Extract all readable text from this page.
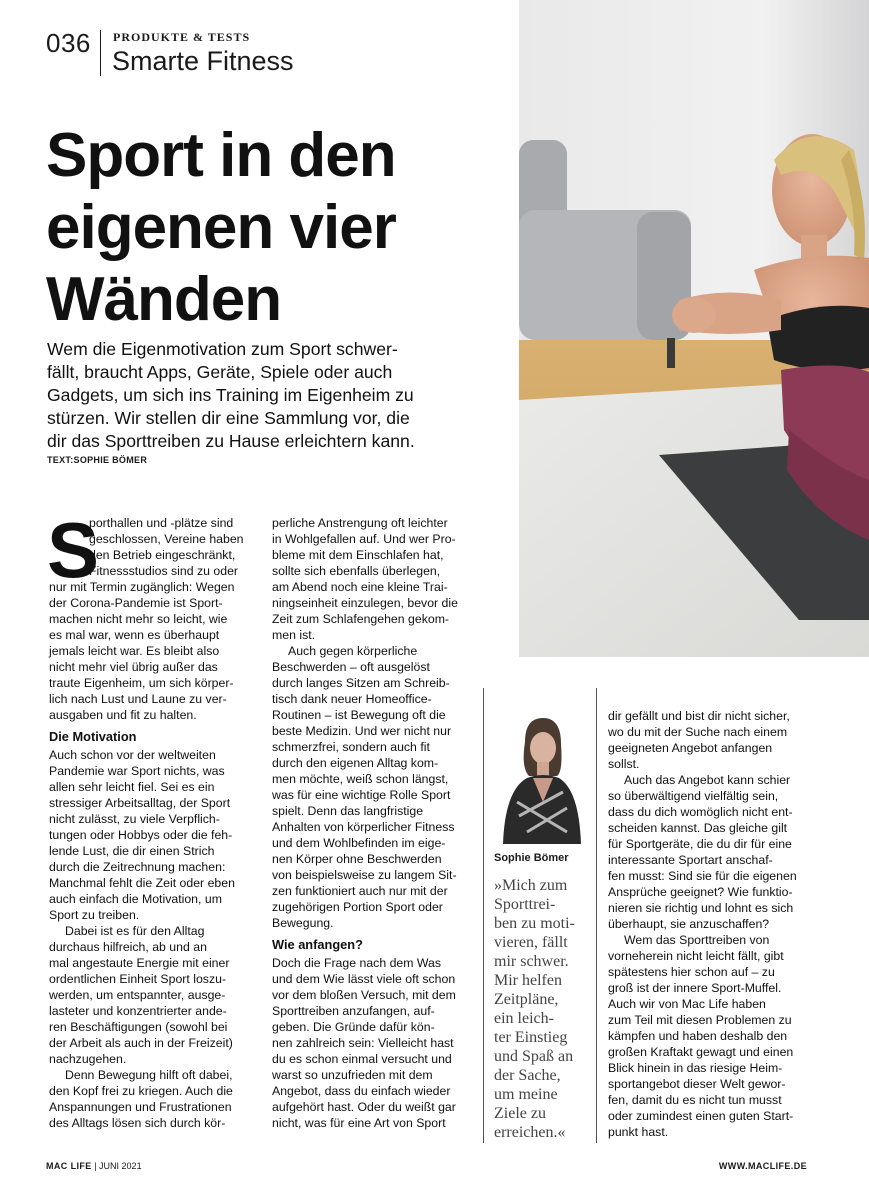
036 PRODUKTE & TESTS
Smarte Fitness
Sport in den
eigenen vier
Wänden

Wem die Eigenmotivation zum Sport schwer-
fällt, braucht Apps, Geräte, Spiele oder auch
Gadgets, um sich ins Training im Eigenheim zu
stürzen. Wir stellen dir eine Sammlung vor, die
dir das Sporttreiben zu Hause erleichtern kann.

TEXT:SOPHIE BÖMER
S
porthallen und -plätze sind
geschlossen, Vereine haben
den Betrieb eingeschränkt,
Fitnessstudios sind zu oder
nur mit Termin zugänglich: Wegen
der Corona-Pandemie ist Sport-
machen nicht mehr so leicht, wie
es mal war, wenn es überhaupt
jemals leicht war. Es bleibt also
nicht mehr viel übrig außer das
traute Eigenheim, um sich körper-
lich nach Lust und Laune zu ver-
ausgaben und fit zu halten.
Die Motivation
Auch schon vor der weltweiten
Pandemie war Sport nichts, was
allen sehr leicht fiel. Sei es ein
stressiger Arbeitsalltag, der Sport
nicht zulässt, zu viele Verpflich-
tungen oder Hobbys oder die feh-
lende Lust, die dir einen Strich
durch die Zeitrechnung machen:
Manchmal fehlt die Zeit oder eben
auch einfach die Motivation, um
Sport zu treiben.
Dabei ist es für den Alltag
durchaus hilfreich, ab und an
mal angestaute Energie mit einer
ordentlichen Einheit Sport loszu-
werden, um entspannter, ausge-
lasteter und konzentrierter ande-
ren Beschäftigungen (sowohl bei
der Arbeit als auch in der Freizeit)
nachzugehen.
Denn Bewegung hilft oft dabei,
den Kopf frei zu kriegen. Auch die
Anspannungen und Frustrationen
des Alltags lösen sich durch kör-
perliche Anstrengung oft leichter
in Wohlgefallen auf. Und wer Pro-
bleme mit dem Einschlafen hat,
sollte sich ebenfalls überlegen,
am Abend noch eine kleine Trai-
ningseinheit einzulegen, bevor die
Zeit zum Schlafengehen gekom-
men ist.
Auch gegen körperliche
Beschwerden – oft ausgelöst
durch langes Sitzen am Schreib-
tisch dank neuer Homeoffice-
Routinen – ist Bewegung oft die
beste Medizin. Und wer nicht nur
schmerzfrei, sondern auch fit
durch den eigenen Alltag kom-
men möchte, weiß schon längst,
was für eine wichtige Rolle Sport
spielt. Denn das langfristige
Anhalten von körperlicher Fitness
und dem Wohlbefinden im eige-
nen Körper ohne Beschwerden
von beispielsweise zu langem Sit-
zen funktioniert auch nur mit der
zugehörigen Portion Sport oder
Bewegung.
Wie anfangen?
Doch die Frage nach dem Was
und dem Wie lässt viele oft schon
vor dem bloßen Versuch, mit dem
Sporttreiben anzufangen, auf-
geben. Die Gründe dafür kön-
nen zahlreich sein: Vielleicht hast
du es schon einmal versucht und
warst so unzufrieden mit dem
Angebot, dass du einfach wieder
aufgehört hast. Oder du weißt gar
nicht, was für eine Art von Sport
Sophie Bömer
»Mich zum
Sporttrei-
ben zu moti-
vieren, fällt
mir schwer.
Mir helfen
Zeitpläne,
ein leich-
ter Einstieg
und Spaß an
der Sache,
um meine
Ziele zu
erreichen.«
dir gefällt und bist dir nicht sicher,
wo du mit der Suche nach einem
geeigneten Angebot anfangen
sollst.
Auch das Angebot kann schier
so überwältigend vielfältig sein,
dass du dich womöglich nicht ent-
scheiden kannst. Das gleiche gilt
für Sportgeräte, die du dir für eine
interessante Sportart anschaf-
fen musst: Sind sie für die eigenen
Ansprüche geeignet? Wie funktio-
nieren sie richtig und lohnt es sich
überhaupt, sie anzuschaffen?
Wem das Sporttreiben von
vorneherein nicht leicht fällt, gibt
spätestens hier schon auf – zu
groß ist der innere Sport-Muffel.
Auch wir von Mac Life haben
zum Teil mit diesen Problemen zu
kämpfen und haben deshalb den
großen Kraftakt gewagt und einen
Blick hinein in das riesige Heim-
sportangebot dieser Welt gewor-
fen, damit du es nicht tun musst
oder zumindest einen guten Start-
punkt hast.
MAC LIFE | JUNI 2021	WWW.MACLIFE.DE
